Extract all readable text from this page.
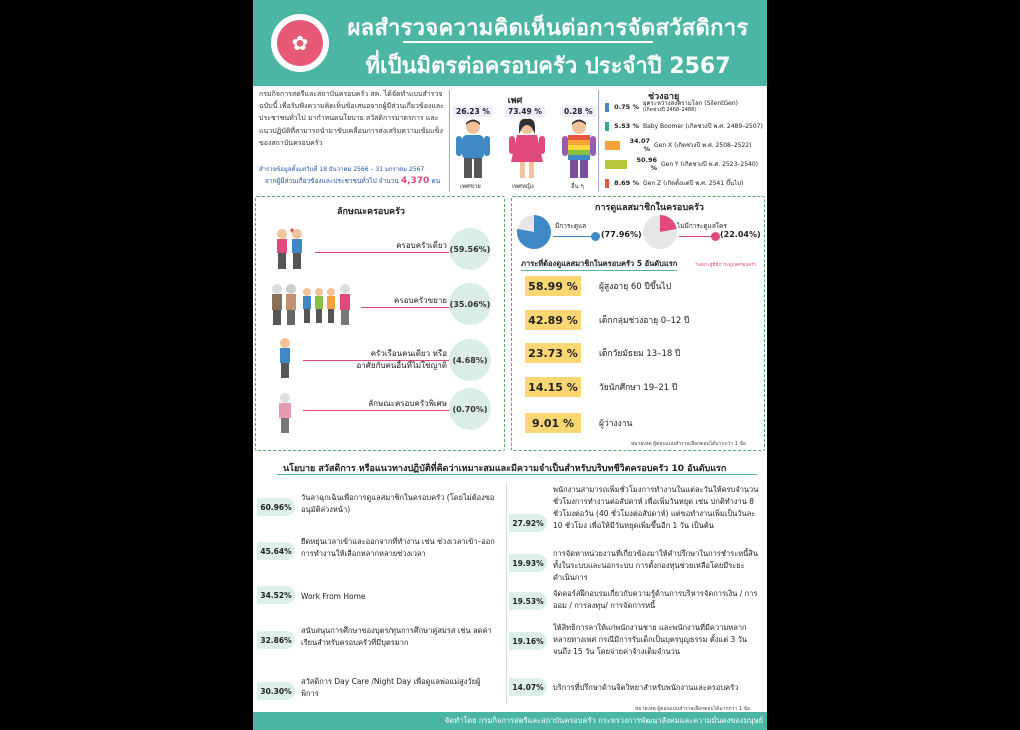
✿
ผลสำรวจความคิดเห็นต่อการจัดสวัสดิการ
ที่เป็นมิตรต่อครอบครัว ประจำปี 2567
กรมกิจการสตรีและสถาบันครอบครัว สค. ได้จัดทำแบบสำรวจฉบับนี้ เพื่อรับฟังความคิดเห็นข้อเสนอจากผู้มีส่วนเกี่ยวข้องและประชาชนทั่วไป มากำหนดนโยบาย สวัสดิการมาตรการ และแนวปฏิบัติที่สามารถนำมาขับเคลื่อนการส่งเสริมความเข้มแข็งของสถาบันครอบครัว
สำรวจข้อมูลตั้งแต่วันที่ 18 ธันวาคม 2566 – 31 มกราคม 2567
จากผู้มีส่วนเกี่ยวข้องและประชาชนทั่วไป จำนวน 4,370 คน
เพศ
26.23 %	73.49 %	0.28 %
เพศชาย	เพศหญิง	อื่น ๆ
ช่วงอายุ
0.75 % ยุคระหว่างสงครามโลก (SilentGen)
(เกิดช่วงปี 2468–2488)
5.53 % Baby Boomer (เกิดช่วงปี พ.ศ. 2489–2507)
34.07 % Gen X (เกิดช่วงปี พ.ศ. 2508–2522)
50.96 % Gen Y (เกิดช่วงปี พ.ศ. 2523–2540)
8.69 % Gen Z (เกิดตั้งแต่ปี พ.ศ. 2541 ขึ้นไป)
ลักษณะครอบครัว
ครอบครัวเดี่ยว (59.56%)
ครอบครัวขยาย (35.06%)
ครัวเรือนคนเดียว หรือ
อาศัยกับคนอื่นที่ไม่ใช่ญาติ
(4.68%)
ลักษณะครอบครัวพิเศษ
(0.70%)
การดูแลสมาชิกในครอบครัว
มีการะดูแล
(77.96%)
ไม่มีการะดูแลใคร
(22.04%)
ภาระที่ต้องดูแลสมาชิกในครอบครัว 5 อันดับแรก	*เฉพาะผู้ที่มีภาระดูแลครอบครัว
58.99 %	ผู้สูงอายุ 60 ปีขึ้นไป
42.89 %	เด็กกลุ่มช่วงอายุ 0–12 ปี
23.73 %	เด็กวัยมัธยม 13–18 ปี
14.15 %	วัยนักศึกษา 19–21 ปี
9.01 %	ผู้ว่างงาน
หมายเหตุ ผู้ตอบแบบสำรวจเลือกตอบได้มากกว่า 1 ข้อ
นโยบาย สวัสดิการ หรือแนวทางปฏิบัติที่คิดว่าเหมาะสมและมีความจำเป็นสำหรับบริบทชีวิตครอบครัว 10 อันดับแรก
60.96%
วันลาฉุกเฉินเพื่อการดูแลสมาชิกในครอบครัว (โดยไม่ต้องขออนุมัติล่วงหน้า)
45.64%
ยืดหยุ่นเวลาเข้าและออกจากที่ทำงาน เช่น ช่วงเวลาเข้า–ออกการทำงานให้เลือกหลากหลายช่วงเวลา
34.52%	Work From Home
32.86%
สนับสนุนการศึกษาของบุตร/ทุนการศึกษาคู่สมรส เช่น ลดค่าเรียนสำหรับครอบครัวที่มีบุตรมาก
30.30%
สวัสดิการ Day Care /Night Day เพื่อดูแลพ่อแม่สูงวัยผู้พิการ
27.92%
พนักงานสามารถเพิ่มชั่วโมงการทำงานในแต่ละวันให้ครบจำนวนชั่วโมงการทำงานต่อสัปดาห์ เพื่อเพิ่มวันหยุด เช่น ปกติทำงาน 8 ชั่วโมงต่อวัน (40 ชั่วโมงต่อสัปดาห์) แต่ขอทำงานเพิ่มเป็นวันละ 10 ชั่วโมง เพื่อให้มีวันหยุดเพิ่มขึ้นอีก 1 วัน เป็นต้น
19.93%
การจัดหาหน่วยงานที่เกี่ยวข้องมาให้คำปรึกษาในการชำระหนี้สินทั้งในระบบและนอกระบบ การตั้งกองทุนช่วยเหลือโดยมีระยะดำเนินการ
19.53%
จัดคอร์สฝึกอบรมเกี่ยวกับความรู้ด้านการบริหารจัดการเงิน / การออม / การลงทุน/ การจัดการหนี้
19.16%
ให้สิทธิการลาให้แก่พนักงานชาย และพนักงานที่มีความหลากหลายทางเพศ กรณีมีการรับเด็กเป็นบุตรบุญธรรม ตั้งแต่ 3 วันจนถึง 15 วัน โดยจ่ายค่าจ้างเต็มจำนวน
14.07%	บริการที่ปรึกษาด้านจิตวิทยาสำหรับพนักงานและครอบครัว
หมายเหตุ ผู้ตอบแบบสำรวจเลือกตอบได้มากกว่า 1 ข้อ
จัดทำโดย กรมกิจการสตรีและสถาบันครอบครัว กระทรวงการพัฒนาสังคมและความมั่นคงของมนุษย์
